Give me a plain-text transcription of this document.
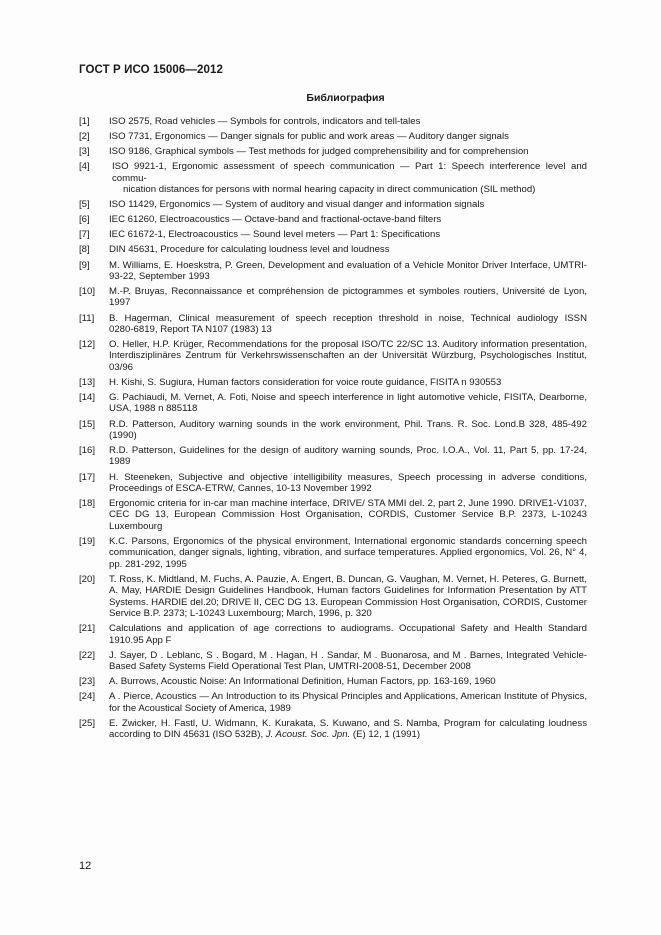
ГОСТ Р ИСО 15006—2012
Библиография
[1]	ISO 2575, Road vehicles — Symbols for controls, indicators and tell-tales
[2]	ISO 7731, Ergonomics — Danger signals for public and work areas — Auditory danger signals
[3]	ISO 9186, Graphical symbols — Test methods for judged comprehensibility and for comprehension
[4]	ISO 9921-1, Ergonomic assessment of speech communication — Part 1: Speech interference level and commu-
nication distances for persons with normal hearing capacity in direct communication (SIL method)
[5]	ISO 11429, Ergonomics — System of auditory and visual danger and information signals
[6]	IEC 61260, Electroacoustics — Octave-band and fractional-octave-band filters
[7]	IEC 61672-1, Electroacoustics — Sound level meters — Part 1: Specifications
[8]	DIN 45631, Procedure for calculating loudness level and loudness
[9]	M. Williams, E. Hoeskstra, P. Green, Development and evaluation of a Vehicle Monitor Driver Interface, UMTRI-93-22, September 1993
[10]	M.-P. Bruyas, Reconnaissance et compréhension de pictogrammes et symboles routiers, Université de Lyon, 1997
[11]	B. Hagerman, Clinical measurement of speech reception threshold in noise, Technical audiology ISSN 0280‑6819, Report TA N107 (1983) 13
[12]	O. Heller, H.P. Krüger, Recommendations for the proposal ISO/TC 22/SC 13. Auditory information presentation, Interdisziplinäres Zentrum für Verkehrswissenschaften an der Universität Würzburg, Psychologisches Institut, 03/96
[13]	H. Kishi, S. Sugiura, Human factors consideration for voice route guidance, FISITA n 930553
[14]	G. Pachiaudi, M. Vernet, A. Foti, Noise and speech interference in light automotive vehicle, FISITA, Dearborne, USA, 1988 n 885118
[15]	R.D. Patterson, Auditory warning sounds in the work environment, Phil. Trans. R. Soc. Lond.B 328, 485‑492 (1990)
[16]	R.D. Patterson, Guidelines for the design of auditory warning sounds, Proc. I.O.A., Vol. 11, Part 5, pp. 17‑24, 1989
[17]	H. Steeneken, Subjective and objective intelligibility measures, Speech processing in adverse conditions, Proceedings of ESCA-ETRW, Cannes, 10‑13 November 1992
[18]	Ergonomic criteria for in-car man machine interface, DRIVE/ STA MMI del. 2, part 2, June 1990. DRIVE1-V1037, CEC DG 13, European Commission Host Organisation, CORDIS, Customer Service B.P. 2373, L‑10243 Luxembourg
[19]	K.C. Parsons, Ergonomics of the physical environment, International ergonomic standards concerning speech communication, danger signals, lighting, vibration, and surface temperatures. Applied ergonomics, Vol. 26, N° 4, pp. 281‑292, 1995
[20]	T. Ross, K. Midtland, M. Fuchs, A. Pauzie, A. Engert, B. Duncan, G. Vaughan, M. Vernet, H. Peteres, G. Burnett, A. May, HARDIE Design Guidelines Handbook, Human factors Guidelines for Information Presentation by ATT Systems. HARDIE del.20; DRIVE II, CEC DG 13. European Commission Host Organisation, CORDIS, Customer Service B.P. 2373; L‑10243 Luxembourg; March, 1996, p. 320
[21]	Calculations and application of age corrections to audiograms. Occupational Safety and Health Standard 1910.95 App F
[22]	J. Sayer, D . Leblanc, S . Bogard, M . Hagan, H . Sandar, M . Buonarosa, and M . Barnes, Integrated Vehicle-Based Safety Systems Field Operational Test Plan, UMTRI-2008-51, December 2008
[23]	A. Burrows, Acoustic Noise: An Informational Definition, Human Factors, pp. 163‑169, 1960
[24]	A . Pierce, Acoustics — An Introduction to its Physical Principles and Applications, American Institute of Physics, for the Acoustical Society of America, 1989
[25]	E. Zwicker, H. Fastl, U. Widmann, K. Kurakata, S. Kuwano, and S. Namba, Program for calculating loudness according to DIN 45631 (ISO 532B), J. Acoust. Soc. Jpn. (E) 12, 1 (1991)
12
